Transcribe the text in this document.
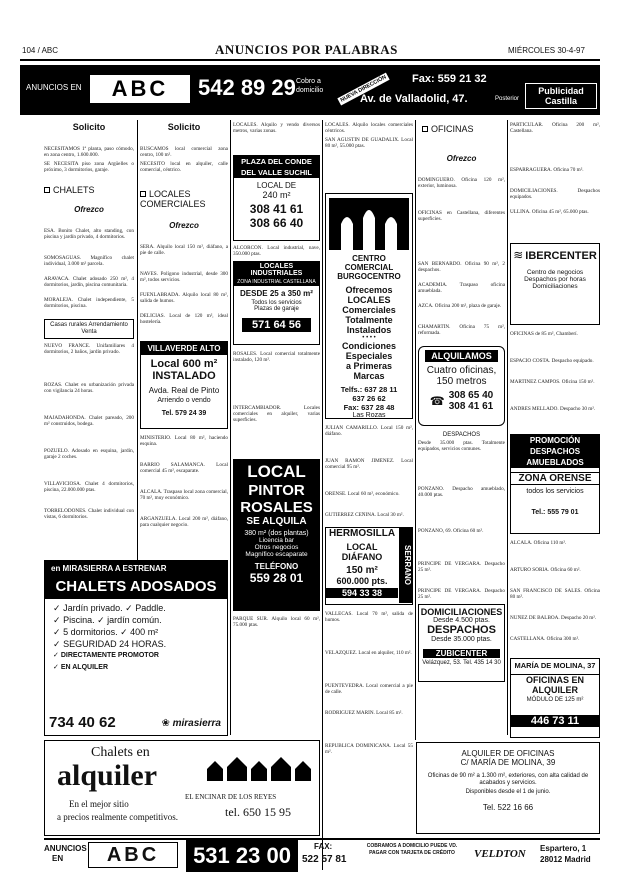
104 / ABC	ANUNCIOS POR PALABRAS	MIÉRCOLES 30-4-97
ANUNCIOS EN	ABC	542 89 29 Cobro a domicilio	NUEVA DIRECCIÓN Fax: 559 21 32
Av. de Valladolid, 47.	Posterior
Publicidad Castilla
Solicito
NECESITAMOS 1ª planta, paso cómodo, en zona centro, 1.600.000.
SE NECESITA piso zona Argüelles o próximo, 3 dormitorios, garaje.
CHALETS
Ofrezco
ESA. Bonito Chalet, alto standing, con piscina y jardín privado, 4 dormitorios.
SOMOSAGUAS. Magnífico chalet individual, 3.000 m² parcela.
ARAVACA. Chalet adosado 250 m², 4 dormitorios, jardín, piscina comunitaria.
MORALEJA. Chalet independiente, 5 dormitorios, piscina.
Casas rurales Arrendamiento Venta
NUEVO FRANCE. Unifamiliares 4 dormitorios, 2 baños, jardín privado.
ROZAS. Chalet en urbanización privada con vigilancia 24 horas.
MAJADAHONDA. Chalet pareado, 200 m² construidos, bodega.
POZUELO. Adosado en esquina, jardín, garaje 2 coches.
VILLAVICIOSA. Chalet 4 dormitorios, piscina, 22.000.000 ptas.
TORRELODONES. Chalet individual con vistas, 6 dormitorios.
Solicito
BUSCAMOS local comercial zona centro, 100 m².
NECESITO local en alquiler, calle comercial, céntrico.
LOCALES COMERCIALES
Ofrezco
SERA. Alquilo local 150 m², diáfano, a pie de calle.
NAVES. Polígono industrial, desde 300 m², todos servicios.
FUENLABRADA. Alquilo local 80 m², salida de humos.
DELICIAS. Local de 120 m², ideal hostelería.
VILLAVERDE ALTO
Local 600 m²
INSTALADO
Avda. Real de Pinto
Arriendo o vendo
Tel. 579 24 39
MINISTERIO. Local 80 m², haciendo esquina.
BARRIO SALAMANCA. Local comercial 45 m², escaparate.
ALCALÁ. Traspaso local zona comercial, 70 m², muy económico.
ARGANZUELA. Local 200 m², diáfano, para cualquier negocio.
LOCALES. Alquilo y vendo diversos metros, varias zonas.
PLAZA DEL CONDE
DEL VALLE SUCHIL
LOCAL DE
240 m²
308 41 61
308 66 40
ALCORCÓN. Local industrial, nave, 350.000 ptas.
LOCALES INDUSTRIALES
ZONA INDUSTRIAL CASTELLANA
DESDE 25 a 350 m²
Todos los servicios
Plazas de garaje
571 64 56
ROSALES. Local comercial totalmente instalado, 120 m².
INTERCAMBIADOR. Locales comerciales en alquiler, varias superficies.
LOCAL
PINTOR
ROSALES
SE ALQUILA
380 m² (dos plantas)
Licencia bar
Otros negocios
Magnífico escaparate
TELÉFONO
559 28 01
PARQUE SUR. Alquilo local 60 m², 75.000 ptas.
LOCALES. Alquilo locales comerciales céntricos.
SAN AGUSTÍN DE GUADALIX. Local 80 m², 55.000 ptas.
CENTRO
COMERCIAL
BURGOCENTRO
Ofrecemos
LOCALES
Comerciales
Totalmente
Instalados
• • • •
Condiciones
Especiales
a Primeras
Marcas
Telfs.: 637 28 11
637 26 62
Fax: 637 28 48
Las Rozas
JULIÁN CAMARILLO. Local 150 m², diáfano.
JUAN RAMÓN JIMÉNEZ. Local comercial 95 m².
ORENSE. Local 60 m², económico.
GUTIÉRREZ CEÑINA. Local 30 m².
HERMOSILLA
LOCAL
DIÁFANO
150 m²
600.000 pts.
594 33 38
SERRANO
VALLECAS. Local 70 m², salida de humos.
VELÁZQUEZ. Local en alquiler, 110 m².
PUENTEVEDRA. Local comercial a pie de calle.
RODRÍGUEZ MARÍN. Local 85 m².
REPUBLICA DOMINICANA. Local 55 m².
OFICINAS
Ofrezco
DOMINGUERO. Oficina 120 m², exterior, luminosa.
OFICINAS en Castellana, diferentes superficies.
SAN BERNARDO. Oficina 90 m², 2 despachos.
ACADEMIA. Traspaso oficina amueblada.
AZCA. Oficina 200 m², plaza de garaje.
CHAMARTÍN. Oficina 75 m², reformada.
ALQUILAMOS
Cuatro oficinas,
150 metros
☎ 308 65 40
308 41 61
DESPACHOS
Desde 35.000 ptas. Totalmente equipados, servicios comunes.
PONZANO. Despacho amueblado, 40.000 ptas.
PONZANO, 69. Oficina 60 m².
PRÍNCIPE DE VERGARA. Despacho 25 m².
PRÍNCIPE DE VERGARA. Despacho 25 m².
DOMICILIACIONES
Desde 4.500 ptas.
DESPACHOS
Desde 35.000 ptas.
ZUBICENTER
Velázquez, 53. Tel. 435 14 30
PARTICULAR. Oficina 200 m², Castellana.
ESPARRAGUERA. Oficina 70 m².
DOMICILIACIONES. Despachos equipados.
ULLINA. Oficina 45 m², 65.000 ptas.
≋ IBERCENTER
Centro de negocios
Despachos por horas
Domiciliaciones
OFICINAS de 85 m², Chamberí.
ESPACIO COSTA. Despacho equipado.
MARTÍNEZ CAMPOS. Oficina 150 m².
ANDRÉS MELLADO. Despacho 30 m².
PROMOCIÓN
DESPACHOS
AMUEBLADOS
ZONA ORENSE
todos los servicios
Tel.: 555 79 01
ALCALÁ. Oficina 110 m².
ARTURO SORIA. Oficina 60 m².
SAN FRANCISCO DE SALES. Oficina 80 m².
NÚÑEZ DE BALBOA. Despacho 20 m².
CASTELLANA. Oficina 300 m².
MARÍA DE MOLINA, 37
OFICINAS EN
ALQUILER
MÓDULO DE 125 m²
446 73 11
en MIRASIERRA A ESTRENAR
CHALETS ADOSADOS
✓ Jardín privado. ✓ Paddle.
✓ Piscina. ✓ jardín común.
✓ 5 dormitorios. ✓ 400 m²
✓ SEGURIDAD 24 HORAS.
✓ DIRECTAMENTE PROMOTOR
✓ EN ALQUILER
734 40 62	❀ mirasierra
Chalets en
alquiler
En el mejor sitio
a precios realmente competitivos.
EL ENCINAR DE LOS REYES
tel. 650 15 95
ALQUILER DE OFICINAS
C/ MARÍA DE MOLINA, 39
Oficinas de 90 m² a 1.300 m², exteriores, con alta calidad de acabados y servicios.
Disponibles desde el 1 de junio.
Tel. 522 16 66
ANUNCIOS
EN	ABC	531 23 00	FAX:
522 57 81
COBRAMOS A DOMICILIO PUEDE VD. PAGAR CON TARJETA DE CRÉDITO	VELDTON Espartero, 1
28012 Madrid
